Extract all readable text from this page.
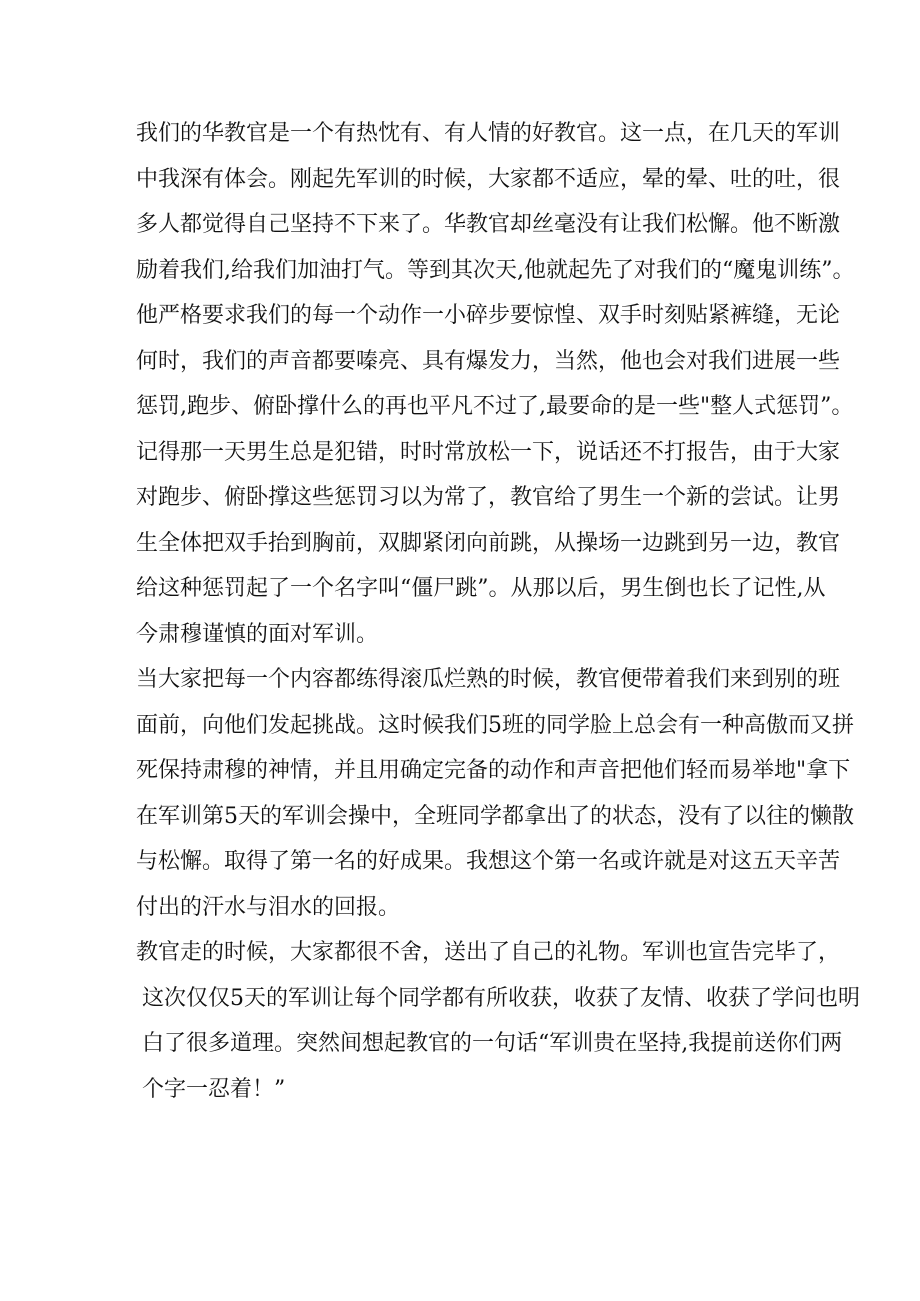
我们的华教官是一个有热忱有、有人情的好教官。这一点，在几天的军训
中我深有体会。刚起先军训的时候，大家都不适应，晕的晕、吐的吐，很
多人都觉得自己坚持不下来了。华教官却丝毫没有让我们松懈。他不断激
励着我们,给我们加油打气。等到其次天,他就起先了对我们的“魔鬼训练”。
他严格要求我们的每一个动作一小碎步要惊惶、双手时刻贴紧裤缝，无论
何时，我们的声音都要嗪亮、具有爆发力，当然，他也会对我们进展一些
惩罚,跑步、俯卧撑什么的再也平凡不过了,最要命的是一些"整人式惩罚”。
记得那一天男生总是犯错，时时常放松一下，说话还不打报告，由于大家
对跑步、俯卧撑这些惩罚习以为常了，教官给了男生一个新的尝试。让男
生全体把双手抬到胸前，双脚紧闭向前跳，从操场一边跳到另一边，教官
给这种惩罚起了一个名字叫“僵尸跳”。从那以后，男生倒也长了记性,从
今肃穆谨慎的面对军训。
当大家把每一个内容都练得滚瓜烂熟的时候，教官便带着我们来到别的班
面前，向他们发起挑战。这时候我们5班的同学脸上总会有一种高傲而又拼
死保持肃穆的神情，并且用确定完备的动作和声音把他们轻而易举地"拿下
在军训第5天的军训会操中，全班同学都拿出了的状态，没有了以往的懒散
与松懈。取得了第一名的好成果。我想这个第一名或许就是对这五天辛苦
付出的汗水与泪水的回报。
教官走的时候，大家都很不舍，送出了自己的礼物。军训也宣告完毕了，
这次仅仅5天的军训让每个同学都有所收获，收获了友情、收获了学问也明
白了很多道理。突然间想起教官的一句话“军训贵在坚持,我提前送你们两
个字一忍着！”
